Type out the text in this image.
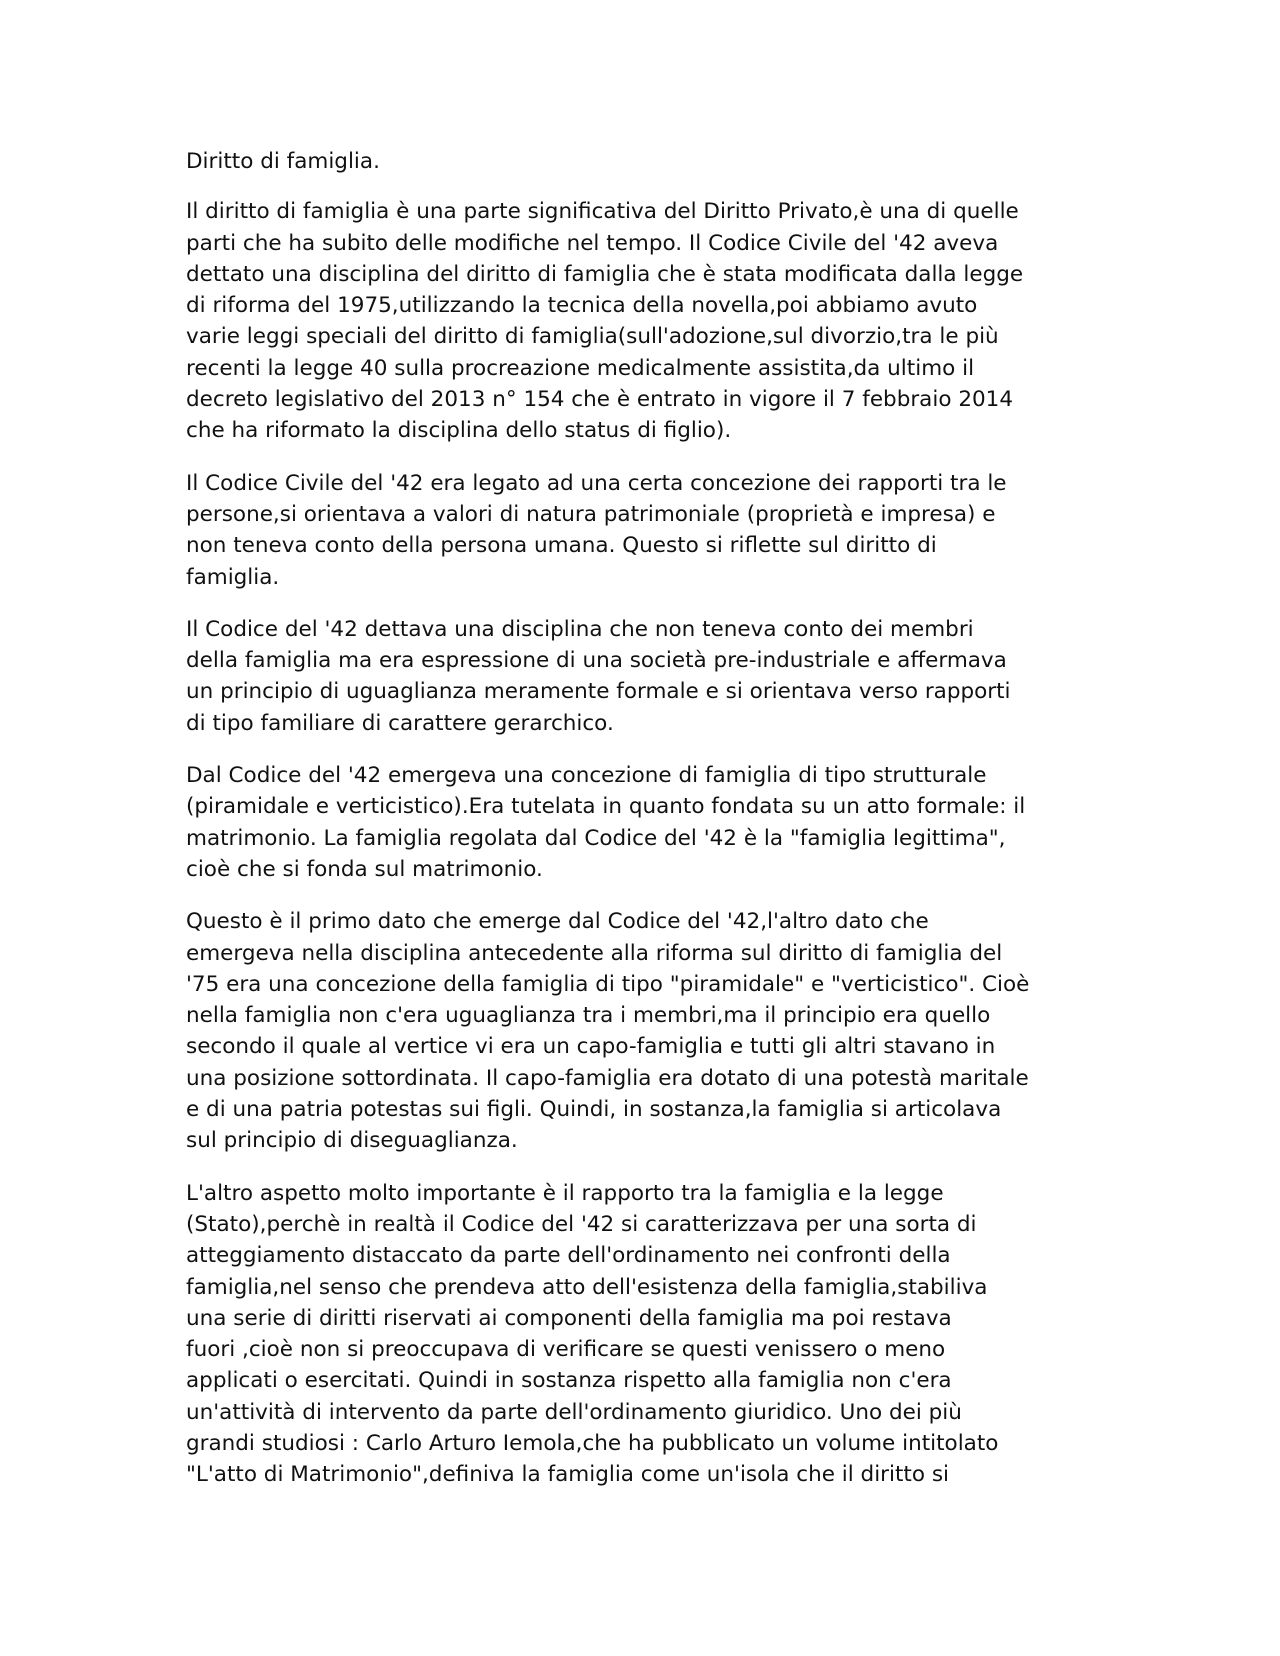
Diritto di famiglia.

Il diritto di famiglia è una parte significativa del Diritto Privato,è una di quelle
parti che ha subito delle modifiche nel tempo. Il Codice Civile del '42 aveva
dettato una disciplina del diritto di famiglia che è stata modificata dalla legge
di riforma del 1975,utilizzando la tecnica della novella,poi abbiamo avuto
varie leggi speciali del diritto di famiglia(sull'adozione,sul divorzio,tra le più
recenti la legge 40 sulla procreazione medicalmente assistita,da ultimo il
decreto legislativo del 2013 n° 154 che è entrato in vigore il 7 febbraio 2014
che ha riformato la disciplina dello status di figlio).

Il Codice Civile del '42 era legato ad una certa concezione dei rapporti tra le
persone,si orientava a valori di natura patrimoniale (proprietà e impresa) e
non teneva conto della persona umana. Questo si riflette sul diritto di
famiglia.

Il Codice del '42 dettava una disciplina che non teneva conto dei membri
della famiglia ma era espressione di una società pre-industriale e affermava
un principio di uguaglianza meramente formale e si orientava verso rapporti
di tipo familiare di carattere gerarchico.

Dal Codice del '42 emergeva una concezione di famiglia di tipo strutturale
(piramidale e verticistico).Era tutelata in quanto fondata su un atto formale: il
matrimonio. La famiglia regolata dal Codice del '42 è la "famiglia legittima",
cioè che si fonda sul matrimonio.

Questo è il primo dato che emerge dal Codice del '42,l'altro dato che
emergeva nella disciplina antecedente alla riforma sul diritto di famiglia del
'75 era una concezione della famiglia di tipo "piramidale" e "verticistico". Cioè
nella famiglia non c'era uguaglianza tra i membri,ma il principio era quello
secondo il quale al vertice vi era un capo-famiglia e tutti gli altri stavano in
una posizione sottordinata. Il capo-famiglia era dotato di una potestà maritale
e di una patria potestas sui figli. Quindi, in sostanza,la famiglia si articolava
sul principio di diseguaglianza.

L'altro aspetto molto importante è il rapporto tra la famiglia e la legge
(Stato),perchè in realtà il Codice del '42 si caratterizzava per una sorta di
atteggiamento distaccato da parte dell'ordinamento nei confronti della
famiglia,nel senso che prendeva atto dell'esistenza della famiglia,stabiliva
una serie di diritti riservati ai componenti della famiglia ma poi restava
fuori ,cioè non si preoccupava di verificare se questi venissero o meno
applicati o esercitati. Quindi in sostanza rispetto alla famiglia non c'era
un'attività di intervento da parte dell'ordinamento giuridico. Uno dei più
grandi studiosi : Carlo Arturo Iemola,che ha pubblicato un volume intitolato
"L'atto di Matrimonio",definiva la famiglia come un'isola che il diritto si
